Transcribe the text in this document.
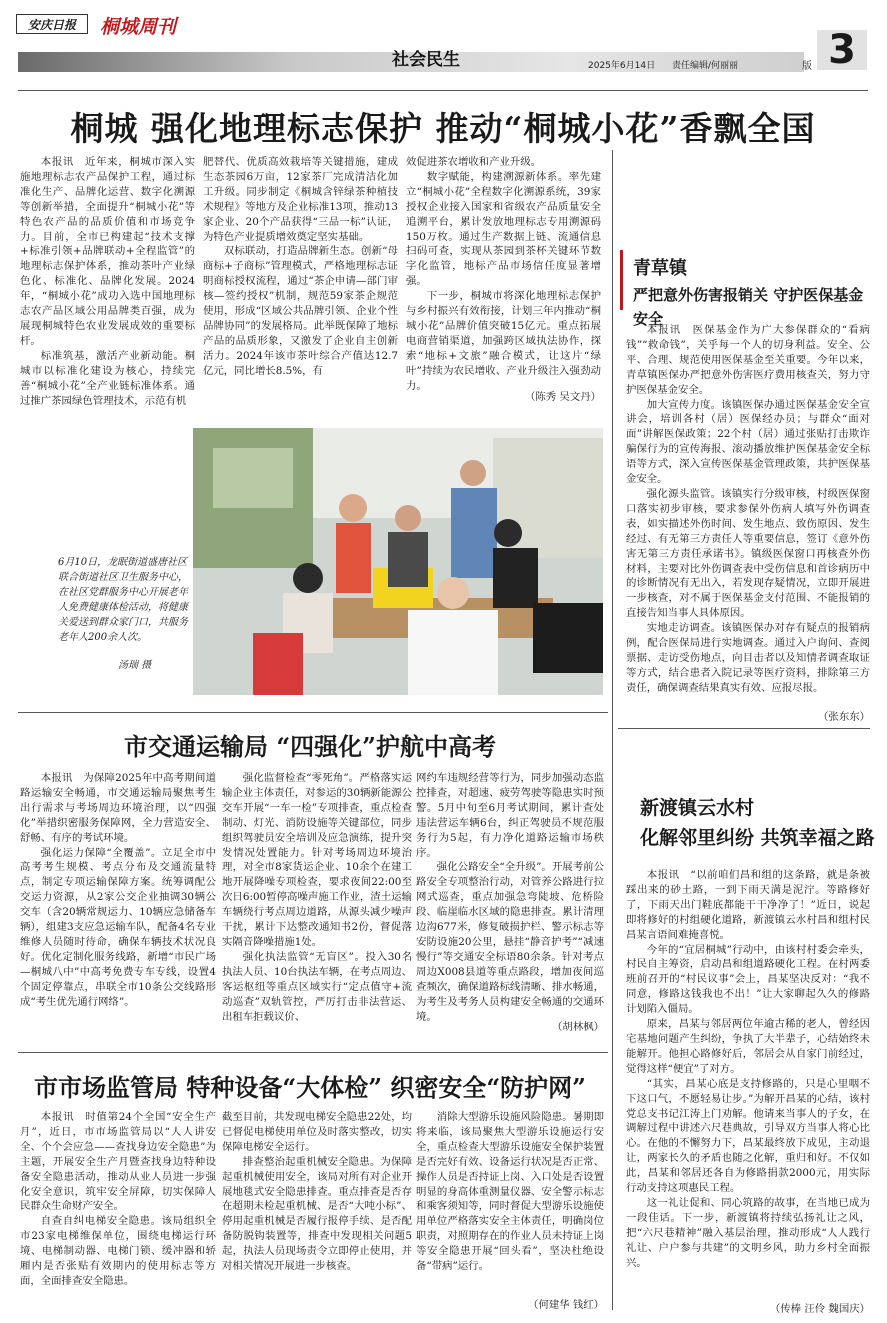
安庆日报	桐城周刊
社会民生	2025年6月14日 责任编辑/何丽丽	版 3
桐城 强化地理标志保护 推动“桐城小花”香飘全国

本报讯　近年来，桐城市深入实施地理标志农产品保护工程，通过标准化生产、品牌化运营、数字化溯源等创新举措，全面提升“桐城小花”等特色农产品的品质价值和市场竞争力。目前，全市已构建起“技术支撑+标准引领+品牌联动+全程监管”的地理标志保护体系，推动茶叶产业绿色化、标准化、品牌化发展。2024年，“桐城小花”成功入选中国地理标志农产品区域公用品牌类百强，成为展现桐城特色农业发展成效的重要标杆。

标准筑基，激活产业新动能。桐城市以标准化建设为核心，持续完善“桐城小花”全产业链标准体系。通过推广茶园绿色管理技术，示范有机

肥替代、优质高效栽培等关键措施，建成生态茶园6万亩，12家茶厂完成清洁化加工升级。同步制定《桐城含锌绿茶种植技术规程》等地方及企业标准13项，推动13家企业、20个产品获得“三品一标”认证，为特色产业提质增效奠定坚实基础。

双标联动，打造品牌新生态。创新“母商标+子商标”管理模式，严格地理标志证明商标授权流程，通过“茶企申请—部门审核—签约授权”机制，规范59家茶企规范使用，形成“区域公共品牌引领、企业个性品牌协同”的发展格局。此举既保障了地标产品的品质形象，又激发了企业自主创新活力。2024年该市茶叶综合产值达12.7亿元，同比增长8.5%，有

效促进茶农增收和产业升级。

数字赋能，构建溯源新体系。率先建立“桐城小花”全程数字化溯源系统，39家授权企业接入国家和省级农产品质量安全追溯平台，累计发放地理标志专用溯源码150万枚。通过生产数据上链、流通信息扫码可查，实现从茶园到茶杯关键环节数字化监管，地标产品市场信任度显著增强。

下一步，桐城市将深化地理标志保护与乡村振兴有效衔接，计划三年内推动“桐城小花”品牌价值突破15亿元。重点拓展电商营销渠道，加强跨区域执法协作，探索“地标+文旅”融合模式，让这片“绿叶”持续为农民增收、产业升级注入强劲动力。

（陈秀 吴文丹）
6月10日，龙眠街道盛唐社区联合街道社区卫生服务中心，在社区党群服务中心开展老年人免费健康体检活动，将健康关爱送到群众家门口，共服务老年人200余人次。
汤瑞 摄
市交通运输局 “四强化”护航中高考

本报讯　为保障2025年中高考期间道路运输安全畅通，市交通运输局聚焦考生出行需求与考场周边环境治理，以“四强化”举措织密服务保障网，全力营造安全、舒畅、有序的考试环境。

强化运力保障“全覆盖”。立足全市中高考考生规模、考点分布及交通流量特点，制定专项运输保障方案。统筹调配公交运力资源，从2家公交企业抽调30辆公交车（含20辆常规运力、10辆应急储备车辆），组建3支应急运输车队，配备4名专业维修人员随时待命，确保车辆技术状况良好。优化定制化服务线路，新增“市民广场—桐城八中”中高考免费专车专线，设置4个固定停靠点，串联全市10条公交线路形成“考生优先通行网络”。

强化监督检查“零死角”。严格落实运输企业主体责任，对参运的30辆新能源公交车开展“一车一检”专项排查，重点检查制动、灯光、消防设施等关键部位，同步组织驾驶员安全培训及应急演练，提升突发情况处置能力。针对考场周边环境治理，对全市8家货运企业、10余个在建工地开展降噪专项检查，要求夜间22:00至次日6:00暂停高噪声施工作业，渣土运输车辆绕行考点周边道路，从源头减少噪声干扰，累计下达整改通知书2份，督促落实隔音降噪措施1处。

强化执法监管“无盲区”。投入30名执法人员、10台执法车辆，在考点周边、客运枢纽等重点区域实行“定点值守+流动巡查”双轨管控，严厉打击非法营运、出租车拒载议价、

网约车违规经营等行为，同步加强动态监控排查，对超速、疲劳驾驶等隐患实时预警。5月中旬至6月考试期间，累计查处违法营运车辆6台，纠正驾驶员不规范服务行为5起，有力净化道路运输市场秩序。

强化公路安全“全升级”。开展考前公路安全专项整治行动，对管养公路进行拉网式巡查，重点加强急弯陡坡、危桥险段、临崖临水区域的隐患排查。累计清理边沟677米，修复破损护栏、警示标志等安防设施20公里，悬挂“静音护考”“减速慢行”等交通安全标语80余条。针对考点周边X008县道等重点路段，增加夜间巡查频次，确保道路标线清晰、排水畅通，为考生及考务人员构建安全畅通的交通环境。

（胡林枫）
市市场监管局 特种设备“大体检” 织密安全“防护网”

本报讯　时值第24个全国“安全生产月”，近日，市市场监管局以“人人讲安全、个个会应急——查找身边安全隐患”为主题，开展安全生产月暨查找身边特种设备安全隐患活动，推动从业人员进一步强化安全意识，筑牢安全屏障，切实保障人民群众生命财产安全。

自查自纠电梯安全隐患。该局组织全市23家电梯维保单位，围绕电梯运行环境、电梯制动器、电梯门锁、缓冲器和轿厢内是否张贴有效期内的使用标志等方面，全面排查安全隐患。

截至目前，共发现电梯安全隐患22处，均已督促电梯使用单位及时落实整改，切实保障电梯安全运行。

排查整治起重机械安全隐患。为保障起重机械使用安全，该局对所有对企业开展地毯式安全隐患排查。重点排查是否存在超期未检起重机械、是否“大吨小标”、停用起重机械是否履行报停手续、是否配备防脱钩装置等，排查中发现相关问题5起，执法人员现场责令立即停止使用，并对相关情况开展进一步核查。

消除大型游乐设施风险隐患。暑期即将来临，该局聚焦大型游乐设施运行安全，重点检查大型游乐设施安全保护装置是否完好有效、设备运行状况是否正常、操作人员是否持证上岗、入口处是否设置明显的身高体重测量仪器、安全警示标志和乘客须知等，同时督促大型游乐设施使用单位严格落实安全主体责任，明确岗位职责，对照期存在的作业人员未持证上岗等安全隐患开展“回头看”，坚决杜绝设备“带病”运行。

（何建华 钱红）
青草镇
严把意外伤害报销关 守护医保基金安全

本报讯　医保基金作为广大参保群众的“看病钱”“救命钱”，关乎每一个人的切身利益。安全、公平、合理、规范使用医保基金至关重要。今年以来，青草镇医保办严把意外伤害医疗费用核查关，努力守护医保基金安全。

加大宣传力度。该镇医保办通过医保基金安全宣讲会，培训各村（居）医保经办员；与群众“面对面”讲解医保政策；22个村（居）通过张贴打击欺诈骗保行为的宣传海报、滚动播放维护医保基金安全标语等方式，深入宣传医保基金管理政策，共护医保基金安全。

强化源头监管。该镇实行分级审核，村级医保窗口落实初步审核，要求参保外伤病人填写外伤调查表，如实描述外伤时间、发生地点、致伤原因、发生经过、有无第三方责任人等重要信息，签订《意外伤害无第三方责任承诺书》。镇级医保窗口再核查外伤材料，主要对比外伤调查表中受伤信息和首诊病历中的诊断情况有无出入，若发现存疑情况，立即开展进一步核查，对不属于医保基金支付范围、不能报销的直接告知当事人具体原因。

实地走访调查。该镇医保办对存有疑点的报销病例，配合医保局进行实地调查。通过入户询问、查阅票据、走访受伤地点，向目击者以及知情者调查取证等方式，结合患者入院记录等医疗资料，排除第三方责任，确保调查结果真实有效、应报尽报。

（张东东）
新渡镇云水村
化解邻里纠纷 共筑幸福之路

本报讯　“以前咱们昌和组的这条路，就是条被踩出来的砂土路，一到下雨天满是泥泞。等路修好了，下雨天出门鞋底都能干干净净了！”近日，说起即将修好的村组硬化道路，新渡镇云水村昌和组村民昌某言语间难掩喜悦。

今年的“宜居桐城”行动中，由该村村委会牵头，村民自主筹资，启动昌和组道路硬化工程。在村两委班前召开的“村民议事”会上，昌某坚决反对：“我不同意，修路这钱我也不出！”让大家聊起久久的修路计划陷入僵局。

原来，昌某与邻居两位年逾古稀的老人，曾经因宅基地问题产生纠纷，争执了大半辈子，心结始终未能解开。他担心路修好后，邻居会从自家门前经过，觉得这样“便宜”了对方。

“其实，昌某心底是支持修路的，只是心里咽不下这口气，不愿轻易让步。”为解开昌某的心结，该村党总支书记江涛上门劝解。他请来当事人的子女，在调解过程中讲述六尺巷典故，引导双方当事人将心比心。在他的不懈努力下，昌某最终放下成见，主动退让，两家长久的矛盾也随之化解，重归和好。不仅如此，昌某和邻居还各自为修路捐款2000元，用实际行动支持这项惠民工程。

这一礼让促和、同心筑路的故事，在当地已成为一段佳话。下一步，新渡镇将持续弘扬礼让之风，把“六尺巷精神”融入基层治理，推动形成“人人践行礼让、户户参与共建”的文明乡风，助力乡村全面振兴。

（传棒 汪伶 魏国庆）
